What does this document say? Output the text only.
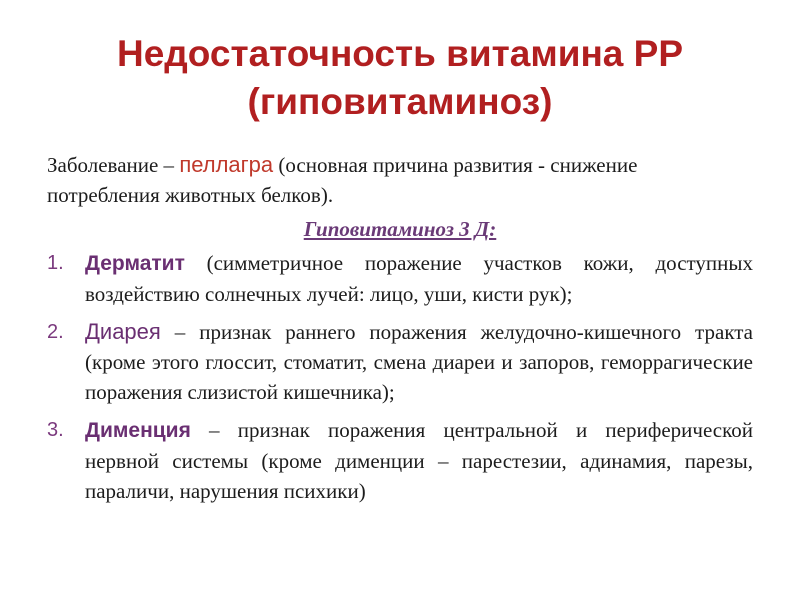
Недостаточность витамина РР (гиповитаминоз)

Заболевание – пеллагра (основная причина развития - снижение потребления животных белков).

Гиповитаминоз 3 Д:

1.	Дерматит (симметричное поражение участков кожи, доступных воздействию солнечных лучей: лицо, уши, кисти рук);
2. Диарея – признак раннего поражения желудочно-кишечного тракта (кроме этого глоссит, стоматит, смена диареи и запоров, геморрагические поражения слизистой кишечника);
3.	Дименция – признак поражения центральной и периферической нервной системы (кроме дименции – парестезии, адинамия, парезы, параличи, нарушения психики)
